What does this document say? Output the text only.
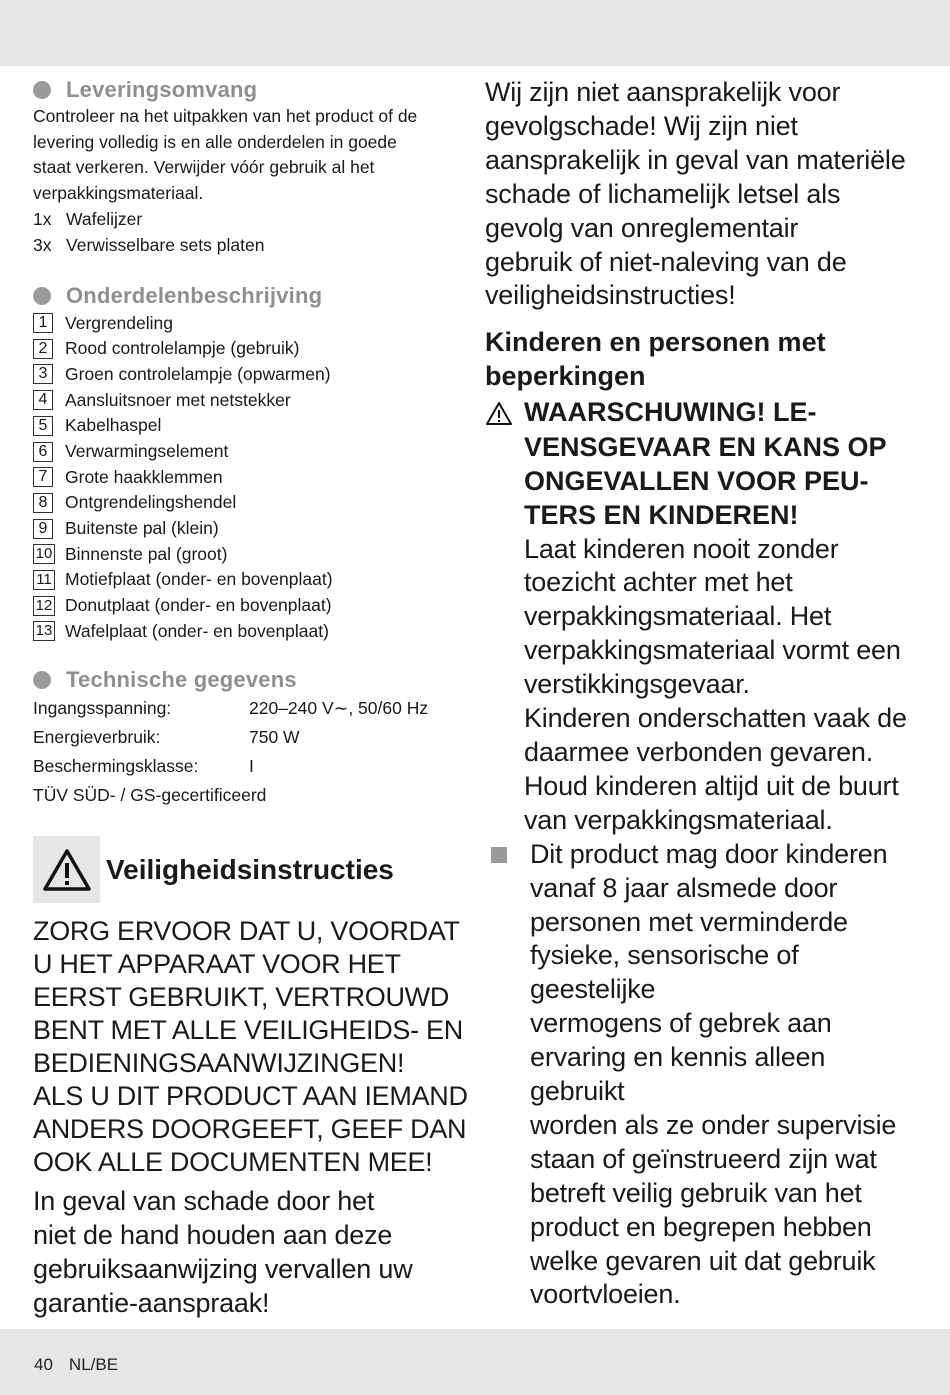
Leveringsomvang
Controleer na het uitpakken van het product of de
levering volledig is en alle onderdelen in goede
staat verkeren. Verwijder vóór gebruik al het
verpakkingsmateriaal.
1x Wafelijzer
3x Verwisselbare sets platen
Onderdelenbeschrijving
1	Vergrendeling
2	Rood controlelampje (gebruik)
3	Groen controlelampje (opwarmen)
4	Aansluitsnoer met netstekker
5	Kabelhaspel
6	Verwarmingselement
7	Grote haakklemmen
8	Ontgrendelingshendel
9	Buitenste pal (klein)
10 Binnenste pal (groot)
11 Motiefplaat (onder- en bovenplaat)
12 Donutplaat (onder- en bovenplaat)
13 Wafelplaat (onder- en bovenplaat)
Technische gegevens
Ingangsspanning:	220–240 V∼, 50/60 Hz
Energieverbruik:	750 W
Beschermingsklasse:	I
TÜV SÜD- / GS-gecertificeerd
Veiligheidsinstructies
ZORG ERVOOR DAT U, VOORDAT
U HET APPARAAT VOOR HET
EERST GEBRUIKT, VERTROUWD
BENT MET ALLE VEILIGHEIDS- EN
BEDIENINGSAANWIJZINGEN!
ALS U DIT PRODUCT AAN IEMAND
ANDERS DOORGEEFT, GEEF DAN
OOK ALLE DOCUMENTEN MEE!
In geval van schade door het
niet de hand houden aan deze
gebruiksaanwijzing vervallen uw
garantie-aanspraak!
Wij zijn niet aansprakelijk voor
gevolgschade! Wij zijn niet
aansprakelijk in geval van materiële
schade of lichamelijk letsel als
gevolg van onreglementair
gebruik of niet-naleving van de
veiligheidsinstructies!
Kinderen en personen met
beperkingen
WAARSCHUWING! LE-
VENSGEVAAR EN KANS OP
ONGEVALLEN VOOR PEU-
TERS EN KINDEREN!
Laat kinderen nooit zonder
toezicht achter met het
verpakkingsmateriaal. Het
verpakkingsmateriaal vormt een
verstikkingsgevaar.
Kinderen onderschatten vaak de
daarmee verbonden gevaren.
Houd kinderen altijd uit de buurt
van verpakkingsmateriaal.
Dit product mag door kinderen
vanaf 8 jaar alsmede door
personen met verminderde
fysieke, sensorische of geestelijke
vermogens of gebrek aan
ervaring en kennis alleen gebruikt
worden als ze onder supervisie
staan of geïnstrueerd zijn wat
betreft veilig gebruik van het
product en begrepen hebben
welke gevaren uit dat gebruik
voortvloeien.
40 NL/BE
